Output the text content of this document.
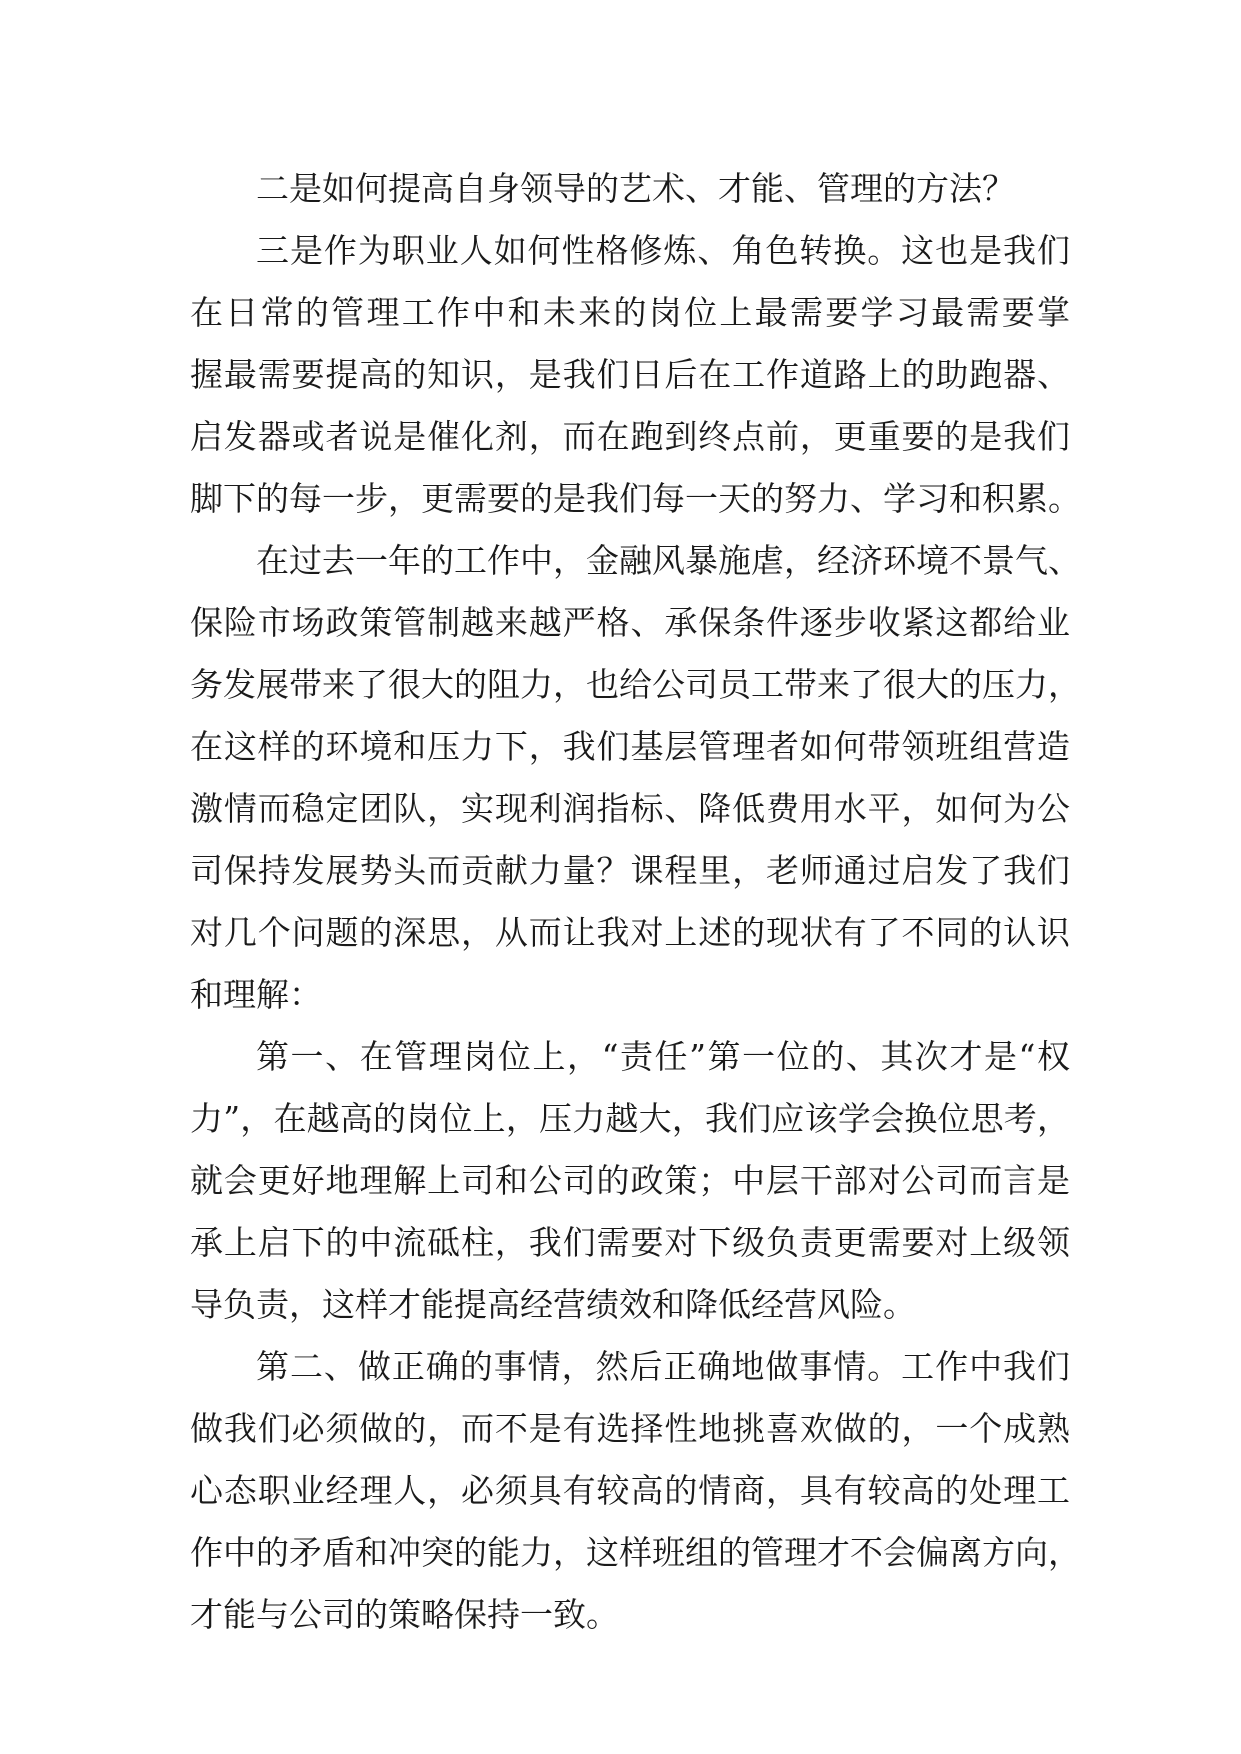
二是如何提高自身领导的艺术、才能、管理的方法？
三是作为职业人如何性格修炼、角色转换。这也是我们
在日常的管理工作中和未来的岗位上最需要学习最需要掌
握最需要提高的知识，是我们日后在工作道路上的助跑器、
启发器或者说是催化剂，而在跑到终点前，更重要的是我们
脚下的每一步，更需要的是我们每一天的努力、学习和积累。
在过去一年的工作中，金融风暴施虐，经济环境不景气、
保险市场政策管制越来越严格、承保条件逐步收紧这都给业
务发展带来了很大的阻力，也给公司员工带来了很大的压力，
在这样的环境和压力下，我们基层管理者如何带领班组营造
激情而稳定团队，实现利润指标、降低费用水平，如何为公
司保持发展势头而贡献力量？课程里，老师通过启发了我们
对几个问题的深思，从而让我对上述的现状有了不同的认识
和理解：
第一、在管理岗位上，“责任”第一位的、其次才是“权
力”，在越高的岗位上，压力越大，我们应该学会换位思考，
就会更好地理解上司和公司的政策；中层干部对公司而言是
承上启下的中流砥柱，我们需要对下级负责更需要对上级领
导负责，这样才能提高经营绩效和降低经营风险。
第二、做正确的事情，然后正确地做事情。工作中我们
做我们必须做的，而不是有选择性地挑喜欢做的，一个成熟
心态职业经理人，必须具有较高的情商，具有较高的处理工
作中的矛盾和冲突的能力，这样班组的管理才不会偏离方向，
才能与公司的策略保持一致。
